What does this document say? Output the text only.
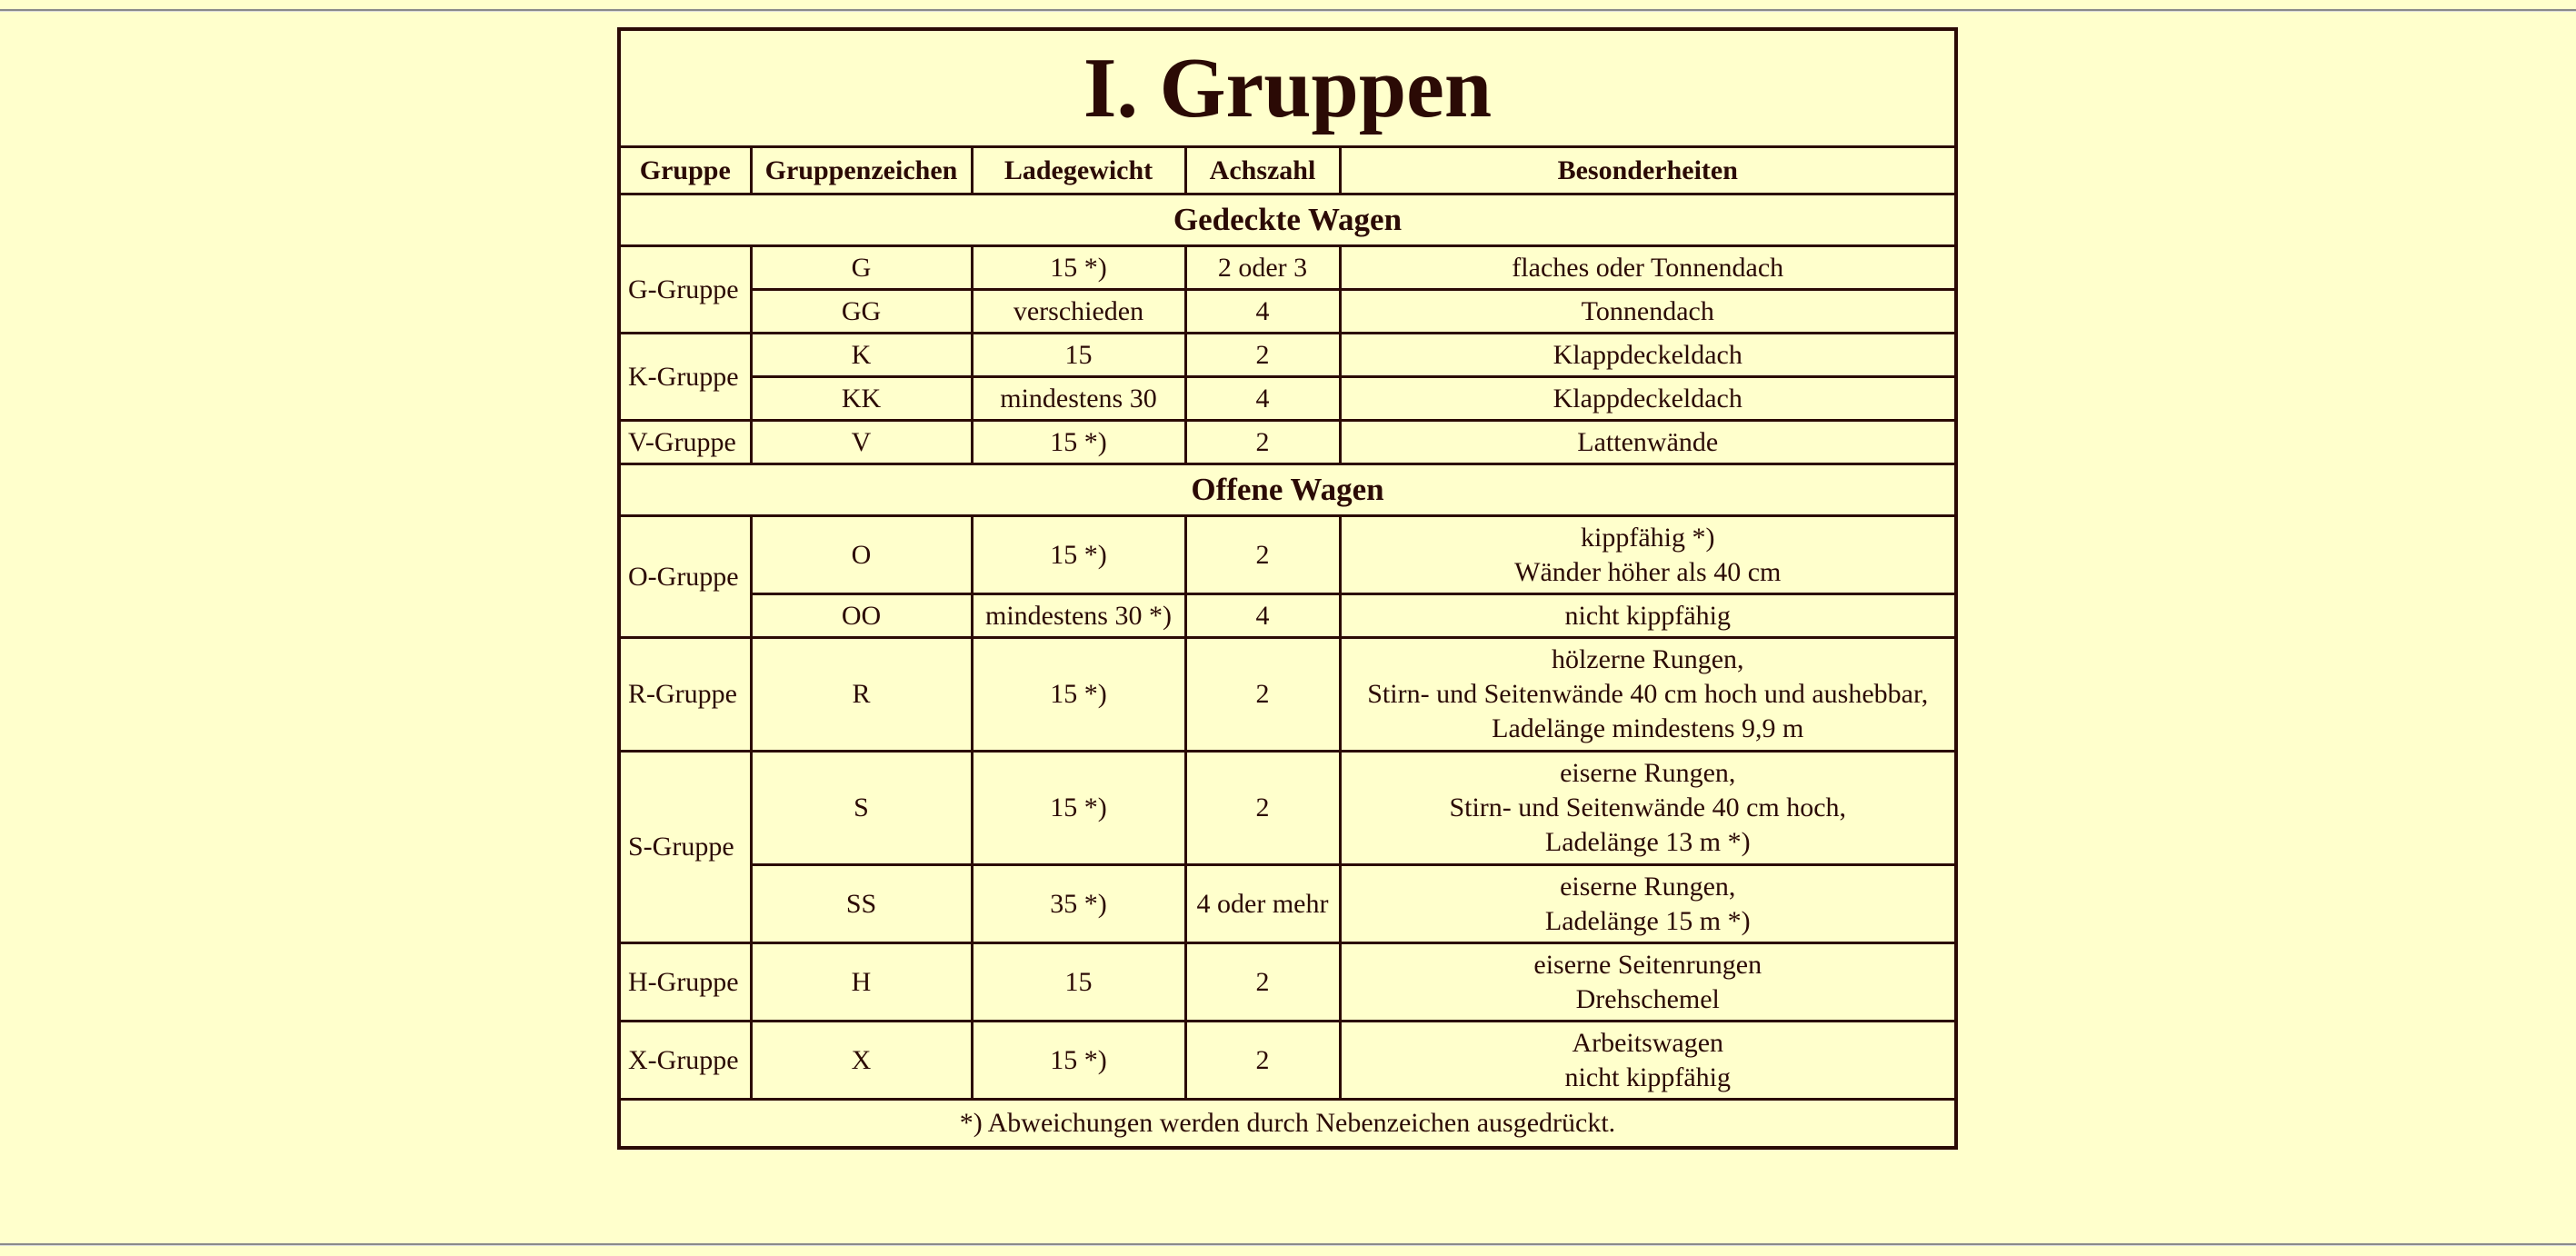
I. Gruppen				
Gruppe	Gruppenzeichen	Ladegewicht	Achszahl	Besonderheiten
Gedeckte Wagen				
G-Gruppe	G	15 *)	2 oder 3	flaches oder Tonnendach

	GG	verschieden	4	Tonnendach

K-Gruppe	K	15	2	Klappdeckeldach

	KK	mindestens 30	4	Klappdeckeldach

V-Gruppe	V	15 *)	2	Lattenwände

Offene Wagen				
O-Gruppe	O	15 *)	2	kippfähig *)
Wänder höher als 40 cm

	OO	mindestens 30 *)	4	nicht kippfähig

R-Gruppe	R	15 *)	2	hölzerne Rungen,
Stirn- und Seitenwände 40 cm hoch und aushebbar,
Ladelänge mindestens 9,9 m

S-Gruppe	S	15 *)	2	eiserne Rungen,
Stirn- und Seitenwände 40 cm hoch,
Ladelänge 13 m *)

	SS	35 *)	4 oder mehr	eiserne Rungen,
Ladelänge 15 m *)

H-Gruppe	H	15	2	eiserne Seitenrungen
Drehschemel

X-Gruppe	X	15 *)	2	Arbeitswagen
nicht kippfähig

*) Abweichungen werden durch Nebenzeichen ausgedrückt.				
